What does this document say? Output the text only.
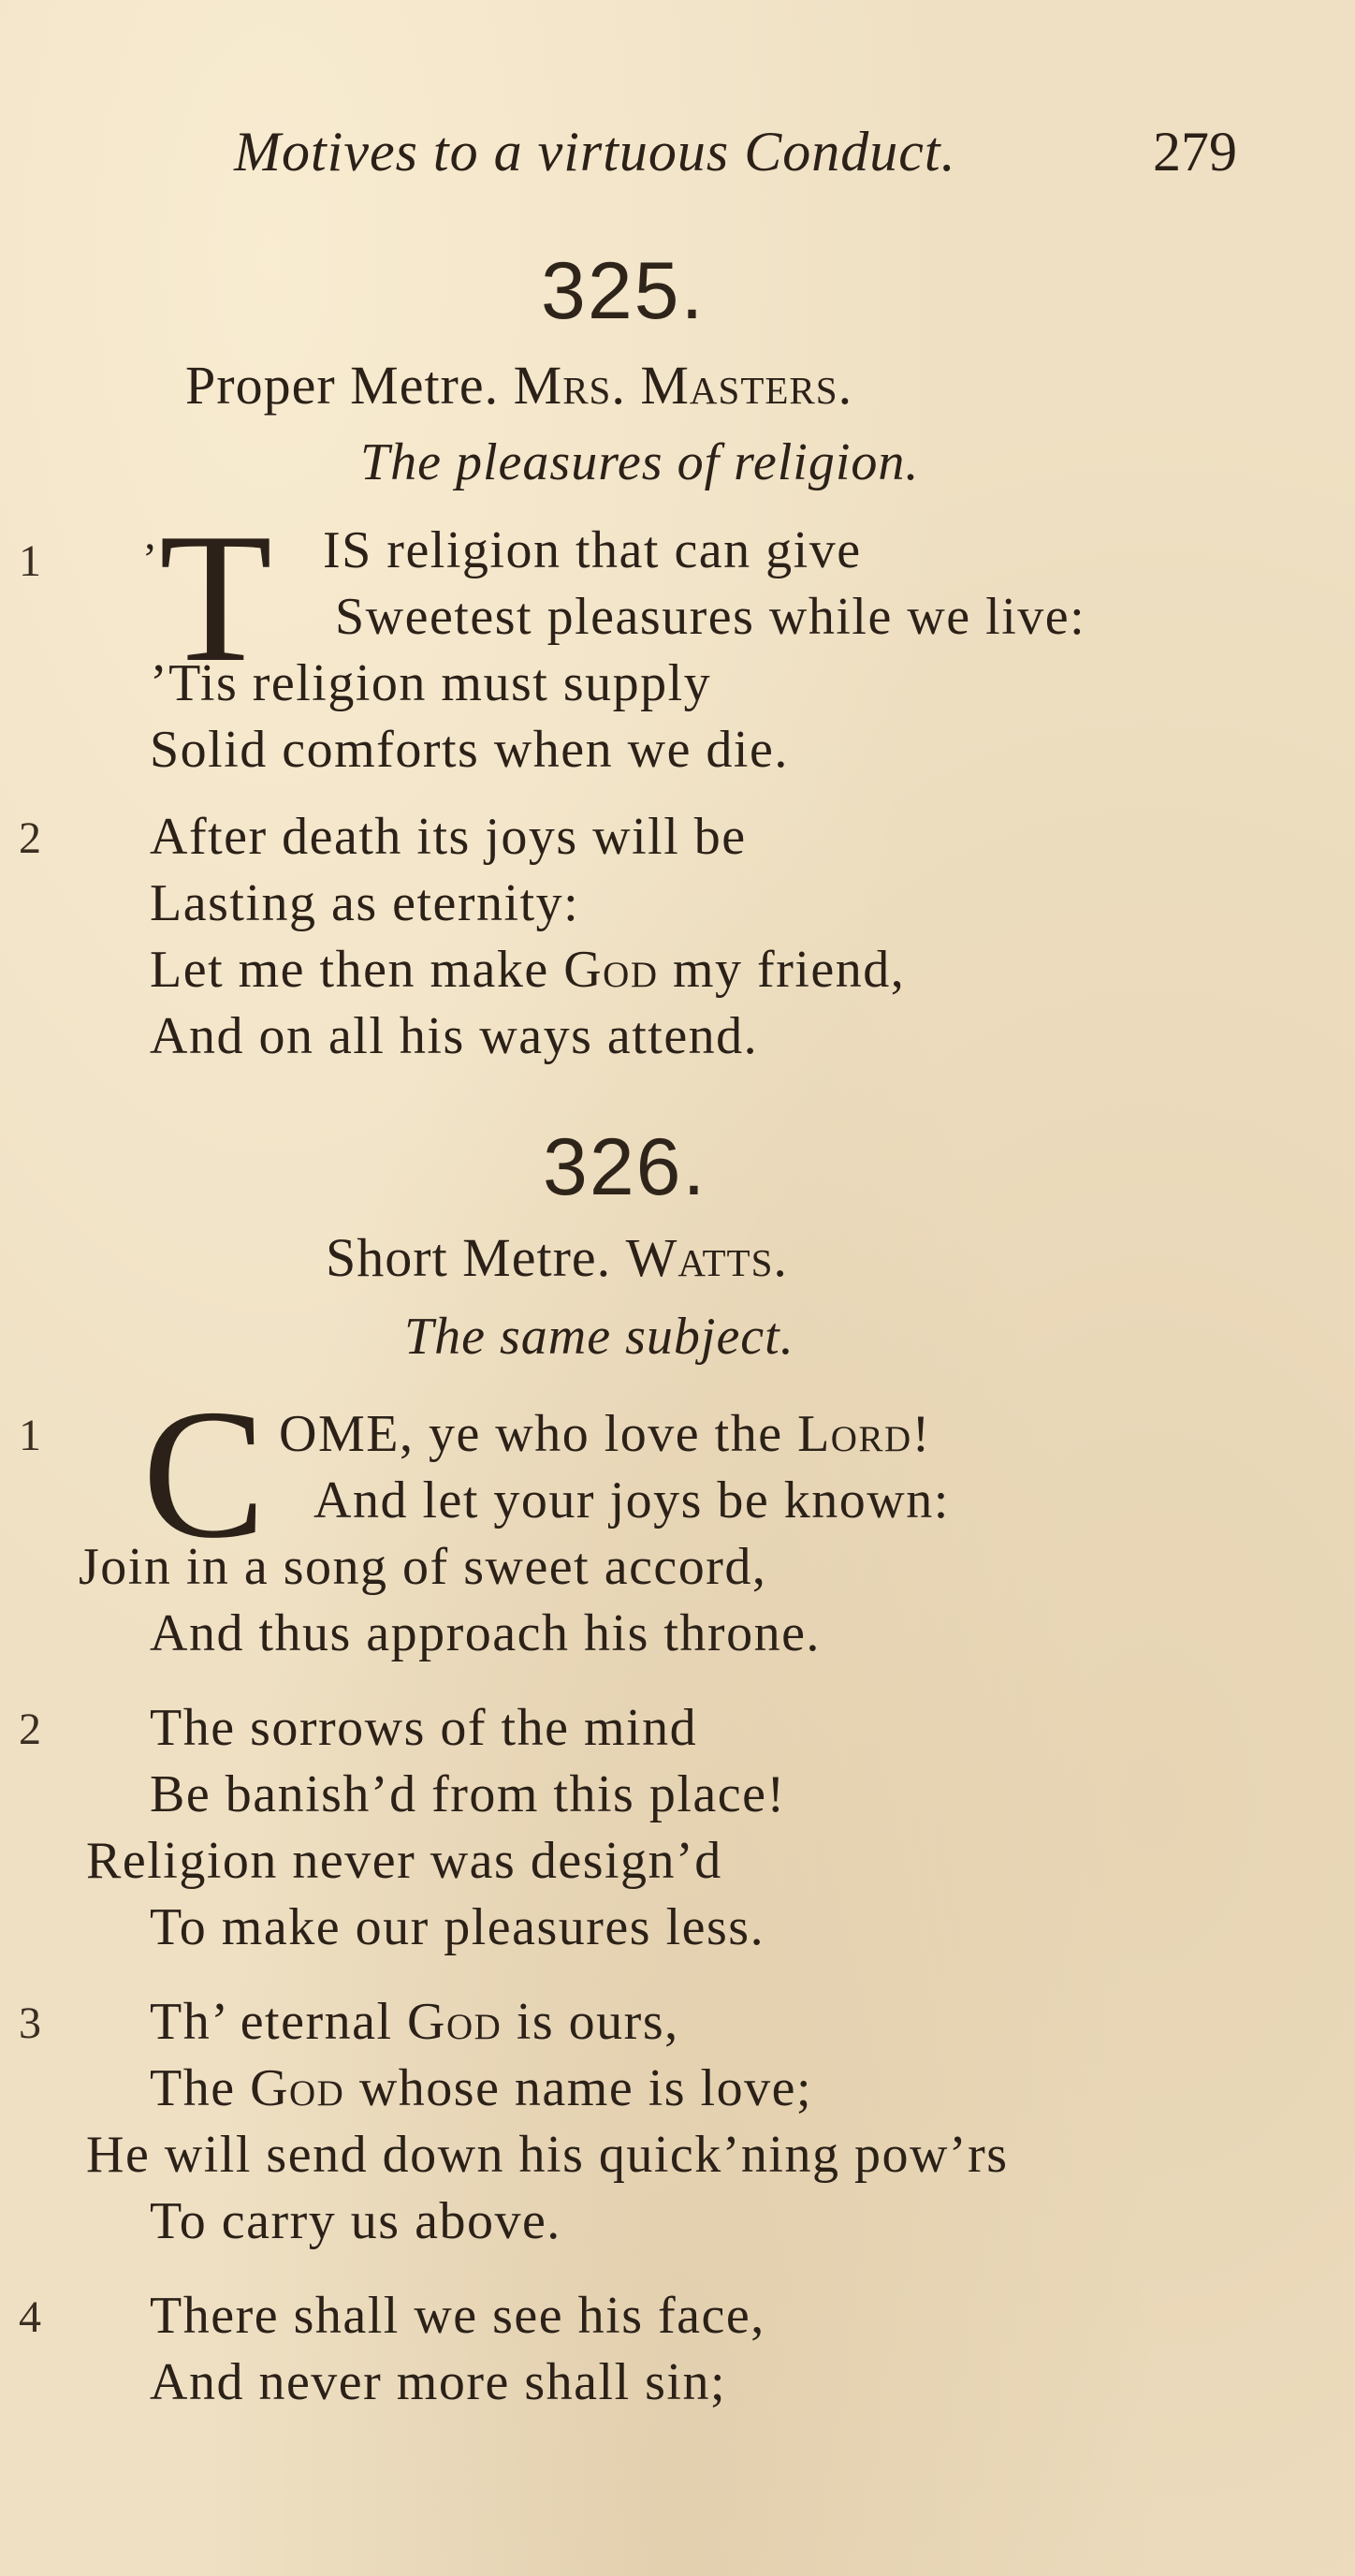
Motives to a virtuous Conduct.	279
325.
Proper Metre. Mrs. Masters.
The pleasures of religion.
1 ’ T IS religion that can give
Sweetest pleasures while we live:
’Tis religion must supply
Solid comforts when we die.
2 After death its joys will be
Lasting as eternity:
Let me then make God my friend,
And on all his ways attend.
326.
Short Metre. Watts.
The same subject.
1 C OME, ye who love the Lord!
And let your joys be known:
Join in a song of sweet accord,
And thus approach his throne.
2 The sorrows of the mind
Be banish’d from this place!
Religion never was design’d
To make our pleasures less.
3 Th’ eternal God is ours,
The God whose name is love;
He will send down his quick’ning pow’rs
To carry us above.
4 There shall we see his face,
And never more shall sin;
